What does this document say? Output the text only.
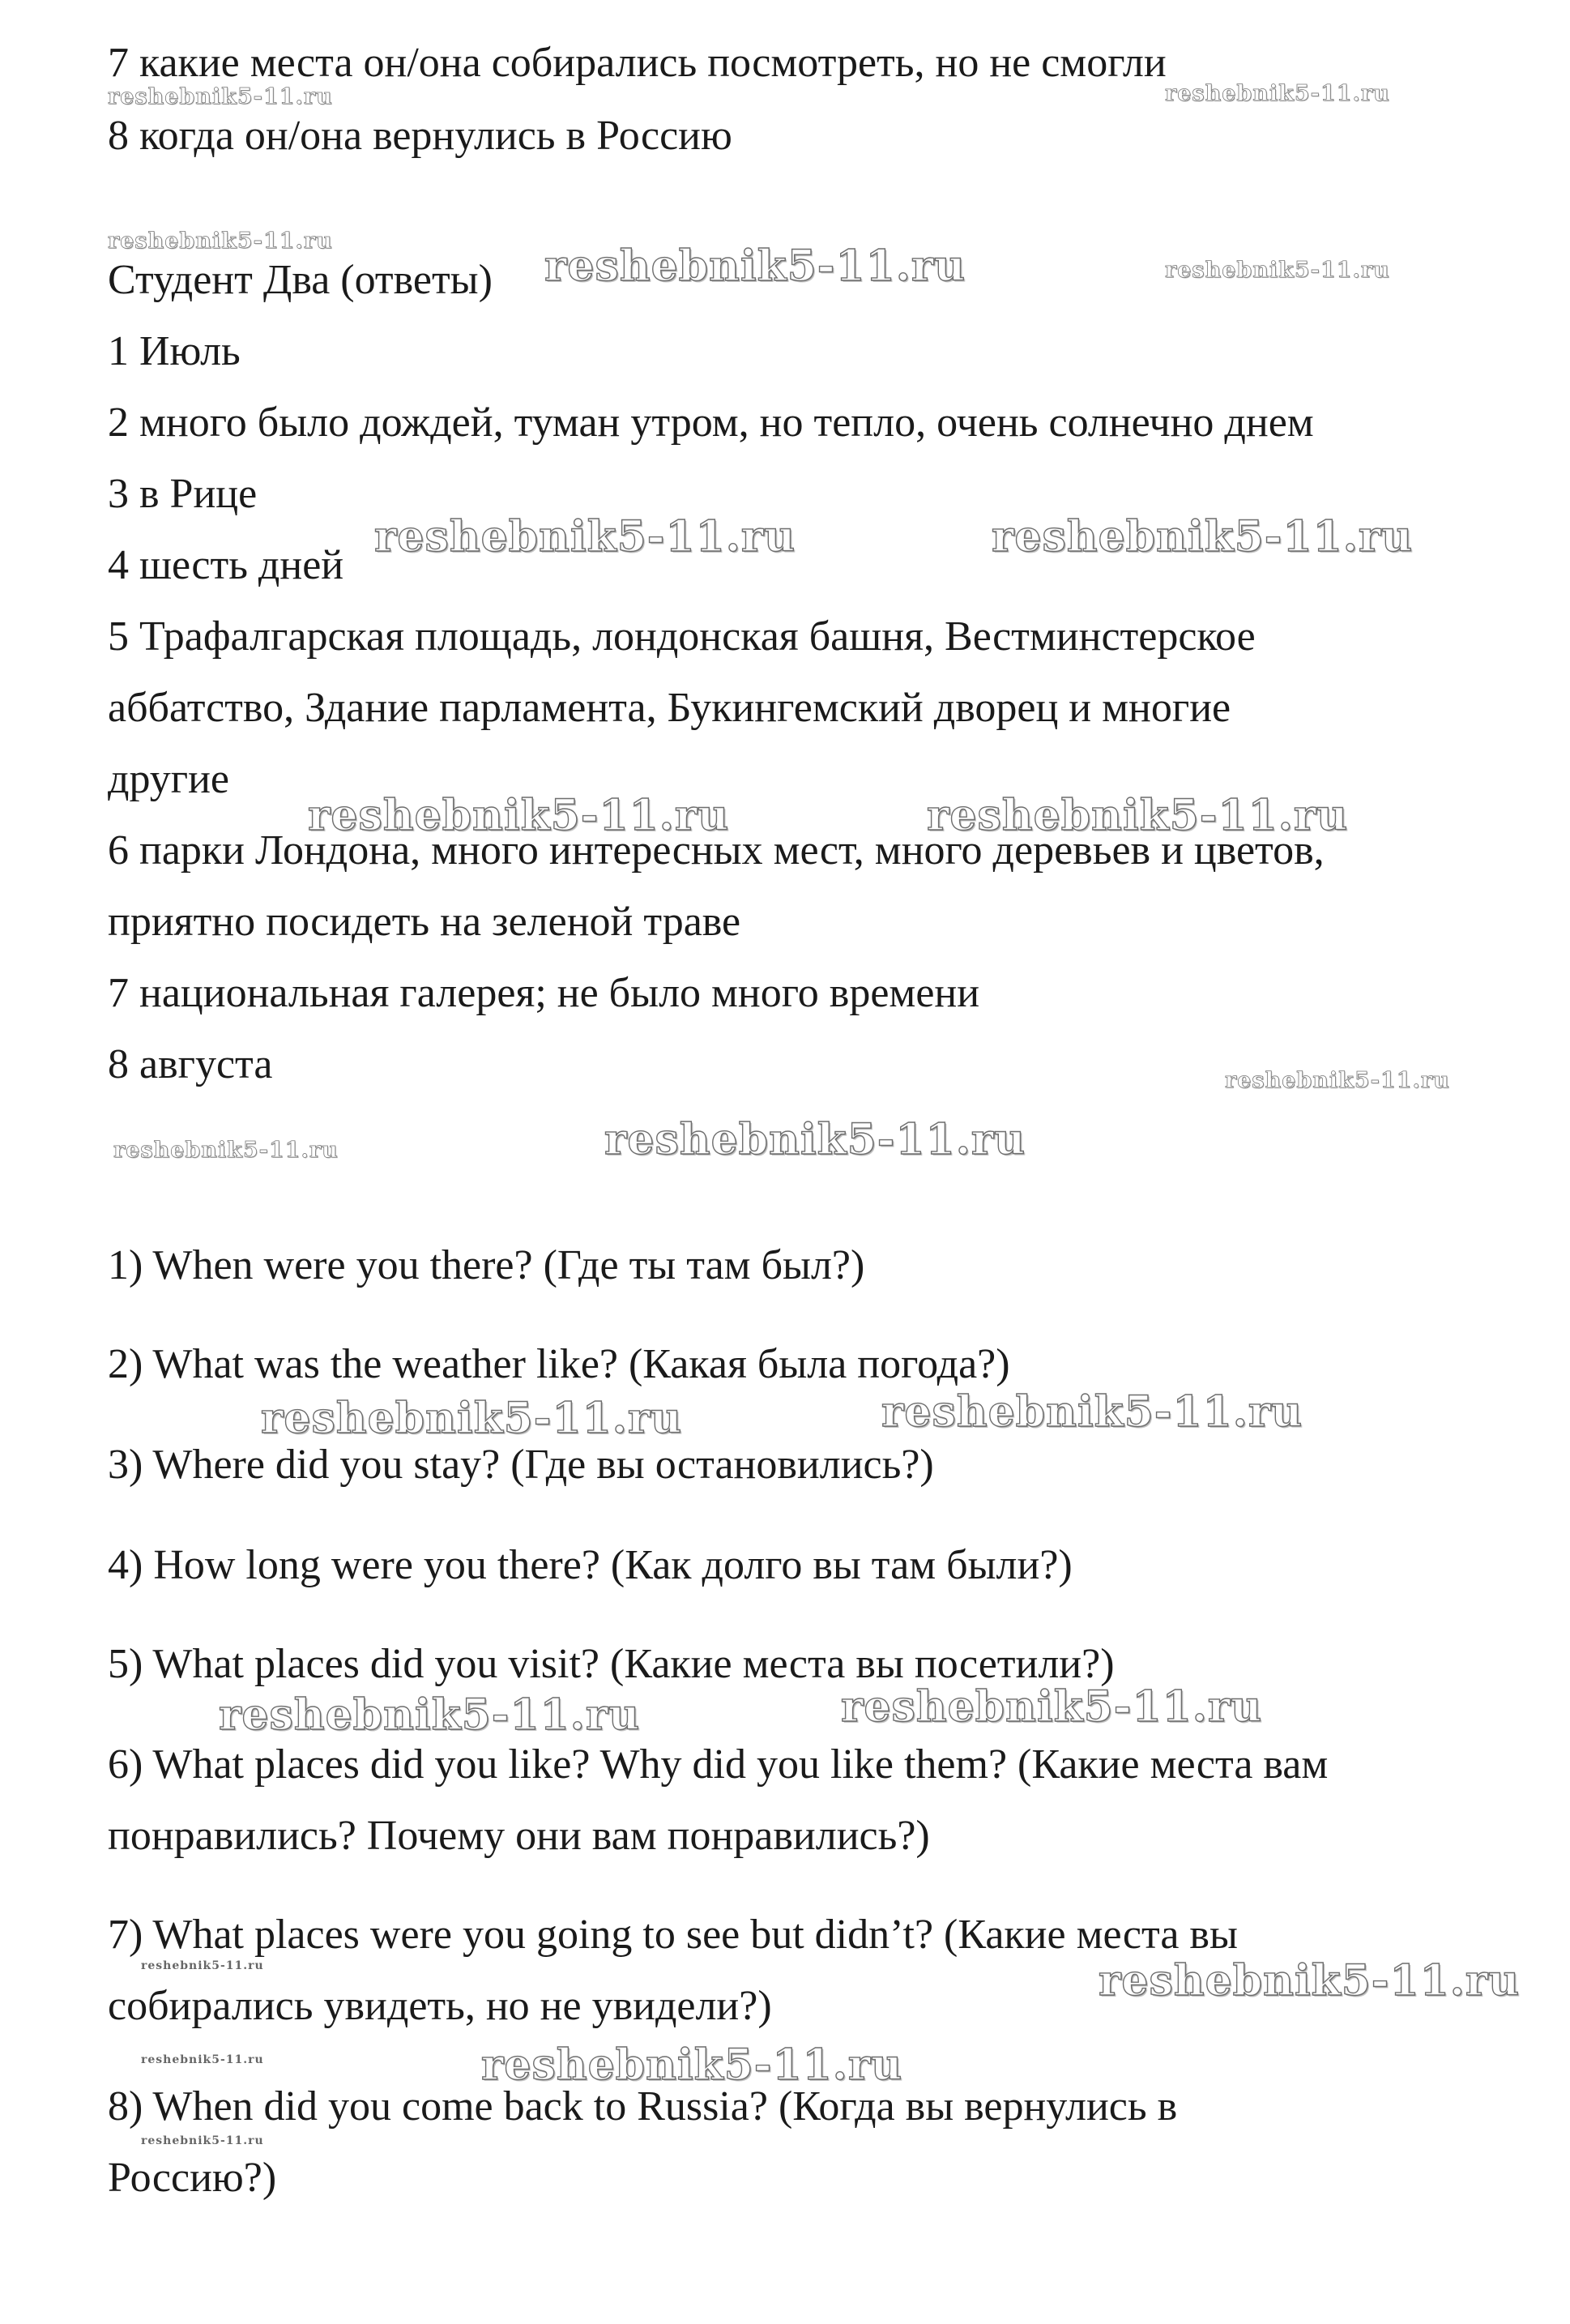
7 какие места он/она собирались посмотреть, но не смогли
8 когда он/она вернулись в Россию
Студент Два (ответы)
1 Июль
2 много было дождей, туман утром, но тепло, очень солнечно днем
3 в Рице
4 шесть дней
5 Трафалгарская площадь, лондонская башня, Вестминстерское
аббатство, Здание парламента, Букингемский дворец и многие
другие
6 парки Лондона, много интересных мест, много деревьев и цветов,
приятно посидеть на зеленой траве
7 национальная галерея; не было много времени
8 августа
1) When were you there? (Где ты там был?)
2) What was the weather like? (Какая была погода?)
3) Where did you stay? (Где вы остановились?)
4) How long were you there? (Как долго вы там были?)
5) What places did you visit? (Какие места вы посетили?)
6) What places did you like? Why did you like them? (Какие места вам
понравились? Почему они вам понравились?)
7) What places were you going to see but didn’t? (Какие места вы
собирались увидеть, но не увидели?)
8) When did you come back to Russia? (Когда вы вернулись в
Россию?)
reshebnik5-11.ru	reshebnik5-11.ru
reshebnik5-11.ru
reshebnik5-11.ru	reshebnik5-11.ru
reshebnik5-11.ru	reshebnik5-11.ru
reshebnik5-11.ru	reshebnik5-11.ru
reshebnik5-11.ru
reshebnik5-11.ru	reshebnik5-11.ru
reshebnik5-11.ru	reshebnik5-11.ru
reshebnik5-11.ru	reshebnik5-11.ru
reshebnik5-11.ru	reshebnik5-11.ru
reshebnik5-11.ru	reshebnik5-11.ru
reshebnik5-11.ru
